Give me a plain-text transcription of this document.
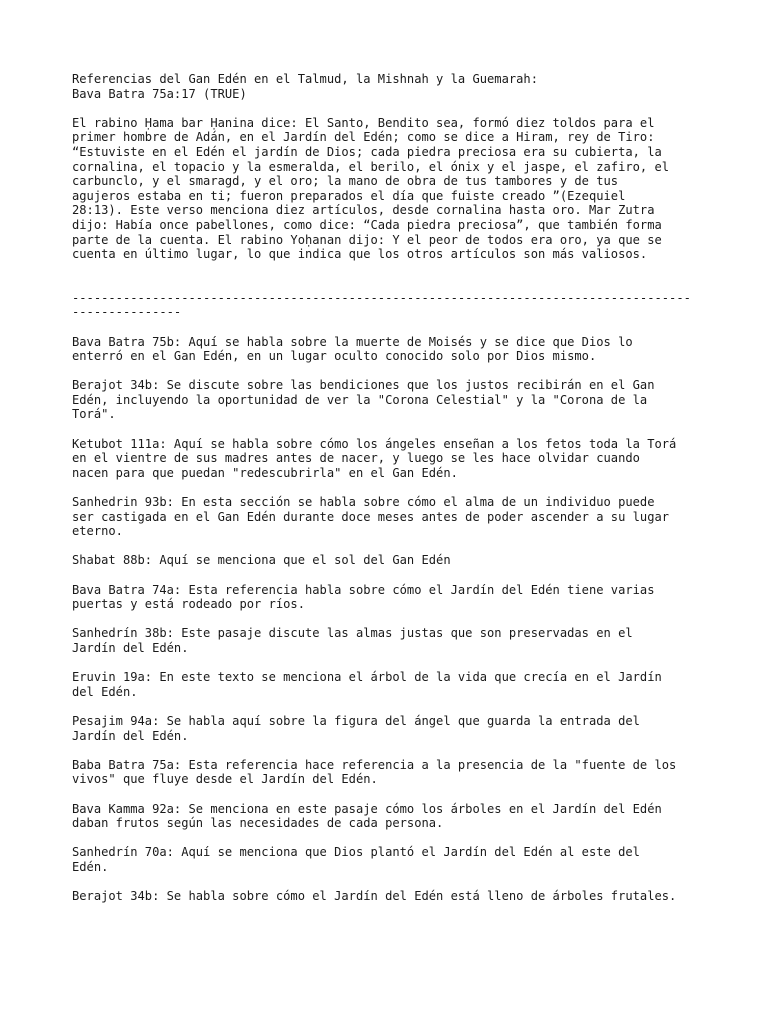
Referencias del Gan Edén en el Talmud, la Mishnah y la Guemarah:
Bava Batra 75a:17 (TRUE)
El rabino Ḥama bar Ḥanina dice: El Santo, Bendito sea, formó diez toldos para el
primer hombre de Adán, en el Jardín del Edén; como se dice a Hiram, rey de Tiro:
“Estuviste en el Edén el jardín de Dios; cada piedra preciosa era su cubierta, la
cornalina, el topacio y la esmeralda, el berilo, el ónix y el jaspe, el zafiro, el
carbunclo, y el smaragd, y el oro; la mano de obra de tus tambores y de tus
agujeros estaba en ti; fueron preparados el día que fuiste creado ”(Ezequiel
28:13). Este verso menciona diez artículos, desde cornalina hasta oro. Mar Zutra
dijo: Había once pabellones, como dice: “Cada piedra preciosa”, que también forma
parte de la cuenta. El rabino Yoḥanan dijo: Y el peor de todos era oro, ya que se
cuenta en último lugar, lo que indica que los otros artículos son más valiosos.
-------------------------------------------------------------------------------------
---------------
Bava Batra 75b: Aquí se habla sobre la muerte de Moisés y se dice que Dios lo
enterró en el Gan Edén, en un lugar oculto conocido solo por Dios mismo.
Berajot 34b: Se discute sobre las bendiciones que los justos recibirán en el Gan
Edén, incluyendo la oportunidad de ver la "Corona Celestial" y la "Corona de la
Torá".
Ketubot 111a: Aquí se habla sobre cómo los ángeles enseñan a los fetos toda la Torá
en el vientre de sus madres antes de nacer, y luego se les hace olvidar cuando
nacen para que puedan "redescubrirla" en el Gan Edén.
Sanhedrin 93b: En esta sección se habla sobre cómo el alma de un individuo puede
ser castigada en el Gan Edén durante doce meses antes de poder ascender a su lugar
eterno.
Shabat 88b: Aquí se menciona que el sol del Gan Edén
Bava Batra 74a: Esta referencia habla sobre cómo el Jardín del Edén tiene varias
puertas y está rodeado por ríos.
Sanhedrín 38b: Este pasaje discute las almas justas que son preservadas en el
Jardín del Edén.
Eruvin 19a: En este texto se menciona el árbol de la vida que crecía en el Jardín
del Edén.
Pesajim 94a: Se habla aquí sobre la figura del ángel que guarda la entrada del
Jardín del Edén.
Baba Batra 75a: Esta referencia hace referencia a la presencia de la "fuente de los
vivos" que fluye desde el Jardín del Edén.
Bava Kamma 92a: Se menciona en este pasaje cómo los árboles en el Jardín del Edén
daban frutos según las necesidades de cada persona.
Sanhedrín 70a: Aquí se menciona que Dios plantó el Jardín del Edén al este del
Edén.
Berajot 34b: Se habla sobre cómo el Jardín del Edén está lleno de árboles frutales.
